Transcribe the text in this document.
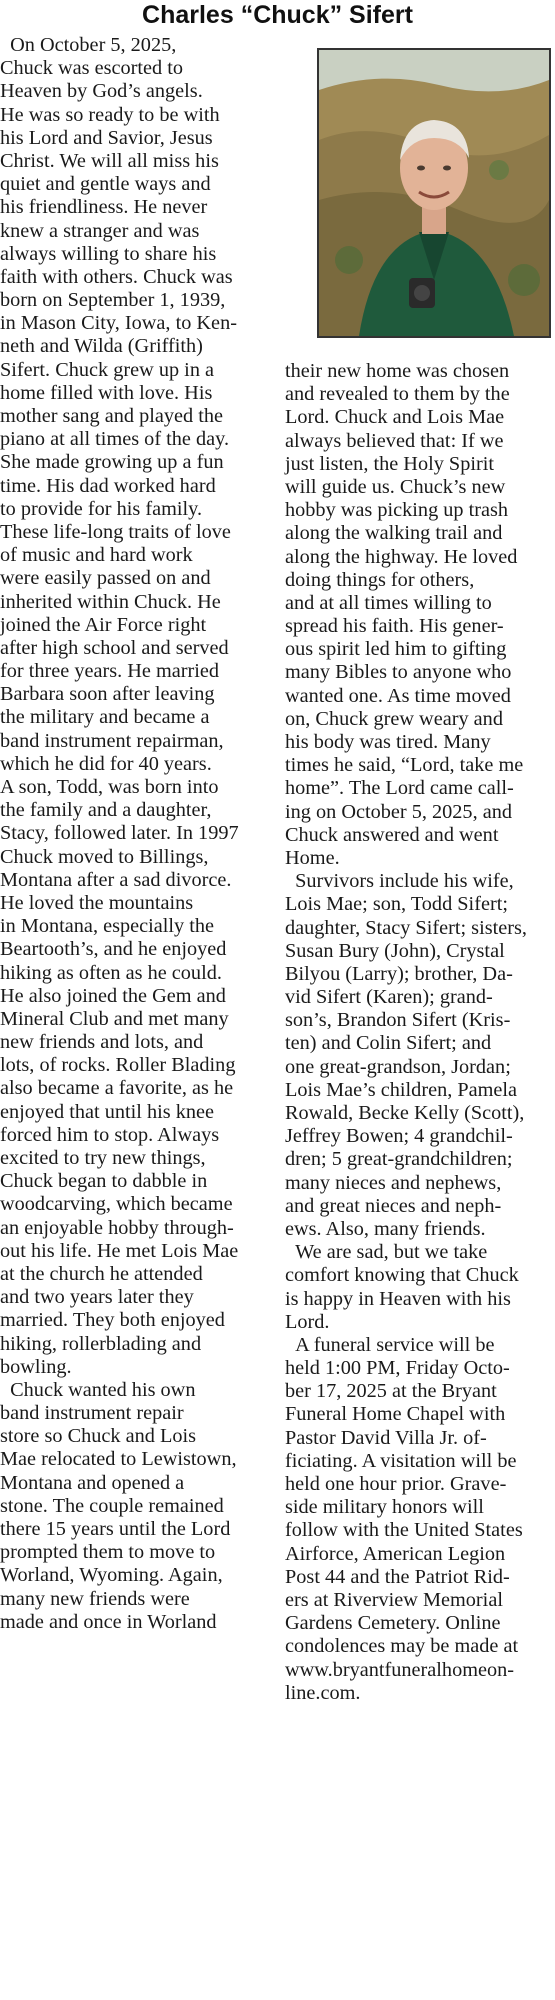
Charles “Chuck” Sifert
On October 5, 2025,
Chuck was escorted to
Heaven by God’s angels.
He was so ready to be with
his Lord and Savior, Jesus
Christ. We will all miss his
quiet and gentle ways and
his friendliness. He never
knew a stranger and was
always willing to share his
faith with others. Chuck was
born on September 1, 1939,
in Mason City, Iowa, to Ken-
neth and Wilda (Griffith)
Sifert. Chuck grew up in a
home filled with love. His
mother sang and played the
piano at all times of the day.
She made growing up a fun
time. His dad worked hard
to provide for his family.
These life-long traits of love
of music and hard work
were easily passed on and
inherited within Chuck. He
joined the Air Force right
after high school and served
for three years. He married
Barbara soon after leaving
the military and became a
band instrument repairman,
which he did for 40 years.
A son, Todd, was born into
the family and a daughter,
Stacy, followed later. In 1997
Chuck moved to Billings,
Montana after a sad divorce.
He loved the mountains
in Montana, especially the
Beartooth’s, and he enjoyed
hiking as often as he could.
He also joined the Gem and
Mineral Club and met many
new friends and lots, and
lots, of rocks. Roller Blading
also became a favorite, as he
enjoyed that until his knee
forced him to stop. Always
excited to try new things,
Chuck began to dabble in
woodcarving, which became
an enjoyable hobby through-
out his life. He met Lois Mae
at the church he attended
and two years later they
married. They both enjoyed
hiking, rollerblading and
bowling.
Chuck wanted his own
band instrument repair
store so Chuck and Lois
Mae relocated to Lewistown,
Montana and opened a
stone. The couple remained
there 15 years until the Lord
prompted them to move to
Worland, Wyoming. Again,
many new friends were
made and once in Worland
their new home was chosen
and revealed to them by the
Lord. Chuck and Lois Mae
always believed that: If we
just listen, the Holy Spirit
will guide us. Chuck’s new
hobby was picking up trash
along the walking trail and
along the highway. He loved
doing things for others,
and at all times willing to
spread his faith. His gener-
ous spirit led him to gifting
many Bibles to anyone who
wanted one. As time moved
on, Chuck grew weary and
his body was tired. Many
times he said, “Lord, take me
home”. The Lord came call-
ing on October 5, 2025, and
Chuck answered and went
Home.
Survivors include his wife,
Lois Mae; son, Todd Sifert;
daughter, Stacy Sifert; sisters,
Susan Bury (John), Crystal
Bilyou (Larry); brother, Da-
vid Sifert (Karen); grand-
son’s, Brandon Sifert (Kris-
ten) and Colin Sifert; and
one great-grandson, Jordan;
Lois Mae’s children, Pamela
Rowald, Becke Kelly (Scott),
Jeffrey Bowen; 4 grandchil-
dren; 5 great-grandchildren;
many nieces and nephews,
and great nieces and neph-
ews. Also, many friends.
We are sad, but we take
comfort knowing that Chuck
is happy in Heaven with his
Lord.
A funeral service will be
held 1:00 PM, Friday Octo-
ber 17, 2025 at the Bryant
Funeral Home Chapel with
Pastor David Villa Jr. of-
ficiating. A visitation will be
held one hour prior. Grave-
side military honors will
follow with the United States
Airforce, American Legion
Post 44 and the Patriot Rid-
ers at Riverview Memorial
Gardens Cemetery. Online
condolences may be made at
www.bryantfuneralhomeon-
line.com.
